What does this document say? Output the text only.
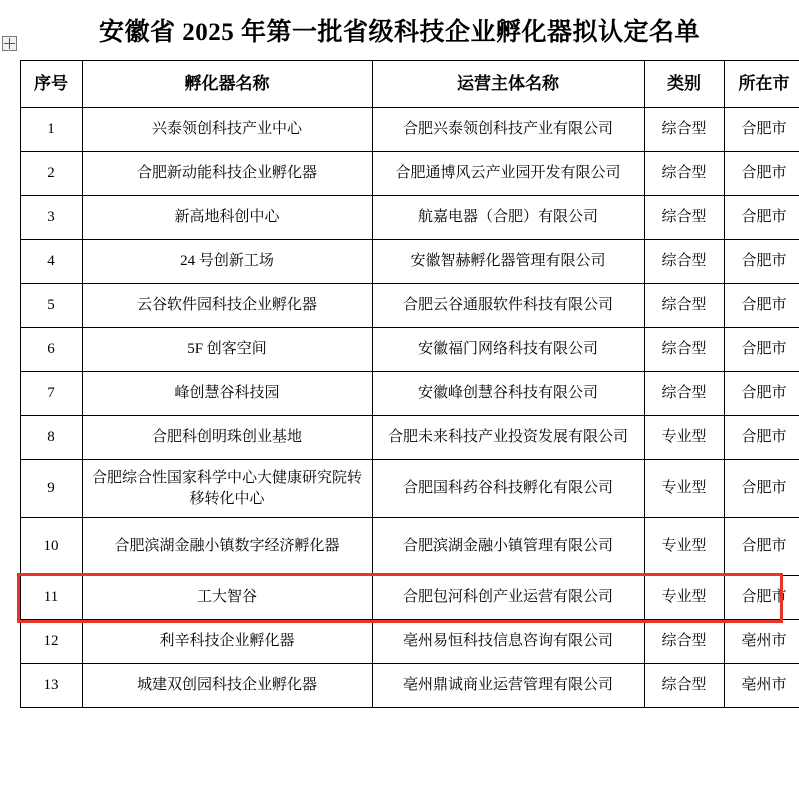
安徽省 2025 年第一批省级科技企业孵化器拟认定名单
序号	孵化器名称	运营主体名称	类别	所在市
1	兴泰领创科技产业中心	合肥兴泰领创科技产业有限公司	综合型	合肥市
2	合肥新动能科技企业孵化器	合肥通博风云产业园开发有限公司	综合型	合肥市
3	新高地科创中心	航嘉电器（合肥）有限公司	综合型	合肥市
4	24 号创新工场	安徽智赫孵化器管理有限公司	综合型	合肥市
5	云谷软件园科技企业孵化器	合肥云谷通服软件科技有限公司	综合型	合肥市
6	5F 创客空间	安徽福门网络科技有限公司	综合型	合肥市
7	峰创慧谷科技园	安徽峰创慧谷科技有限公司	综合型	合肥市
8	合肥科创明珠创业基地	合肥未来科技产业投资发展有限公司	专业型	合肥市
9	合肥综合性国家科学中心大健康研究院转移转化中心	合肥国科药谷科技孵化有限公司	专业型	合肥市
10	合肥滨湖金融小镇数字经济孵化器	合肥滨湖金融小镇管理有限公司	专业型	合肥市
11	工大智谷	合肥包河科创产业运营有限公司	专业型	合肥市
12	利辛科技企业孵化器	亳州易恒科技信息咨询有限公司	综合型	亳州市
13	城建双创园科技企业孵化器	亳州鼎诚商业运营管理有限公司	综合型	亳州市
